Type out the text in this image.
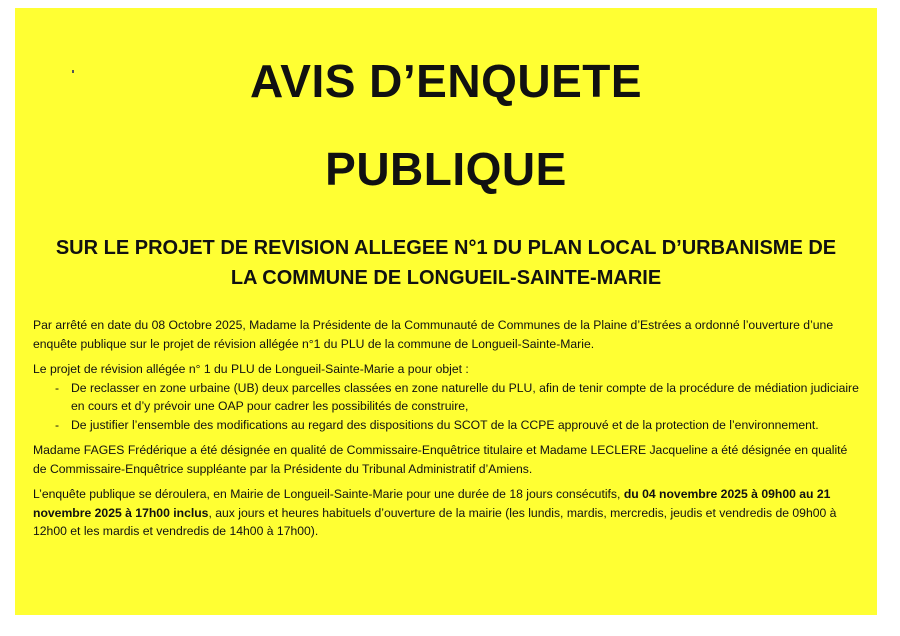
AVIS D’ENQUETE
PUBLIQUE
SUR LE PROJET DE REVISION ALLEGEE N°1 DU PLAN LOCAL D’URBANISME DE
LA COMMUNE DE LONGUEIL-SAINTE-MARIE

Par arrêté en date du 08 Octobre 2025, Madame la Présidente de la Communauté de Communes de la Plaine d’Estrées a ordonné l’ouverture d’une enquête publique sur le projet de révision allégée n°1 du PLU de la commune de Longueil-Sainte-Marie.

Le projet de révision allégée n° 1 du PLU de Longueil-Sainte-Marie a pour objet :

- De reclasser en zone urbaine (UB) deux parcelles classées en zone naturelle du PLU, afin de tenir compte de la procédure de médiation judiciaire en cours et d’y prévoir une OAP pour cadrer les possibilités de construire,
- De justifier l’ensemble des modifications au regard des dispositions du SCOT de la CCPE approuvé et de la protection de l’environnement.

Madame FAGES Frédérique a été désignée en qualité de Commissaire-Enquêtrice titulaire et Madame LECLERE Jacqueline a été désignée en qualité de Commissaire-Enquêtrice suppléante par la Présidente du Tribunal Administratif d’Amiens.

L’enquête publique se déroulera, en Mairie de Longueil-Sainte-Marie pour une durée de 18 jours consécutifs, du 04 novembre 2025 à 09h00 au 21 novembre 2025 à 17h00 inclus, aux jours et heures habituels d’ouverture de la mairie (les lundis, mardis, mercredis, jeudis et vendredis de 09h00 à 12h00 et les mardis et vendredis de 14h00 à 17h00).
